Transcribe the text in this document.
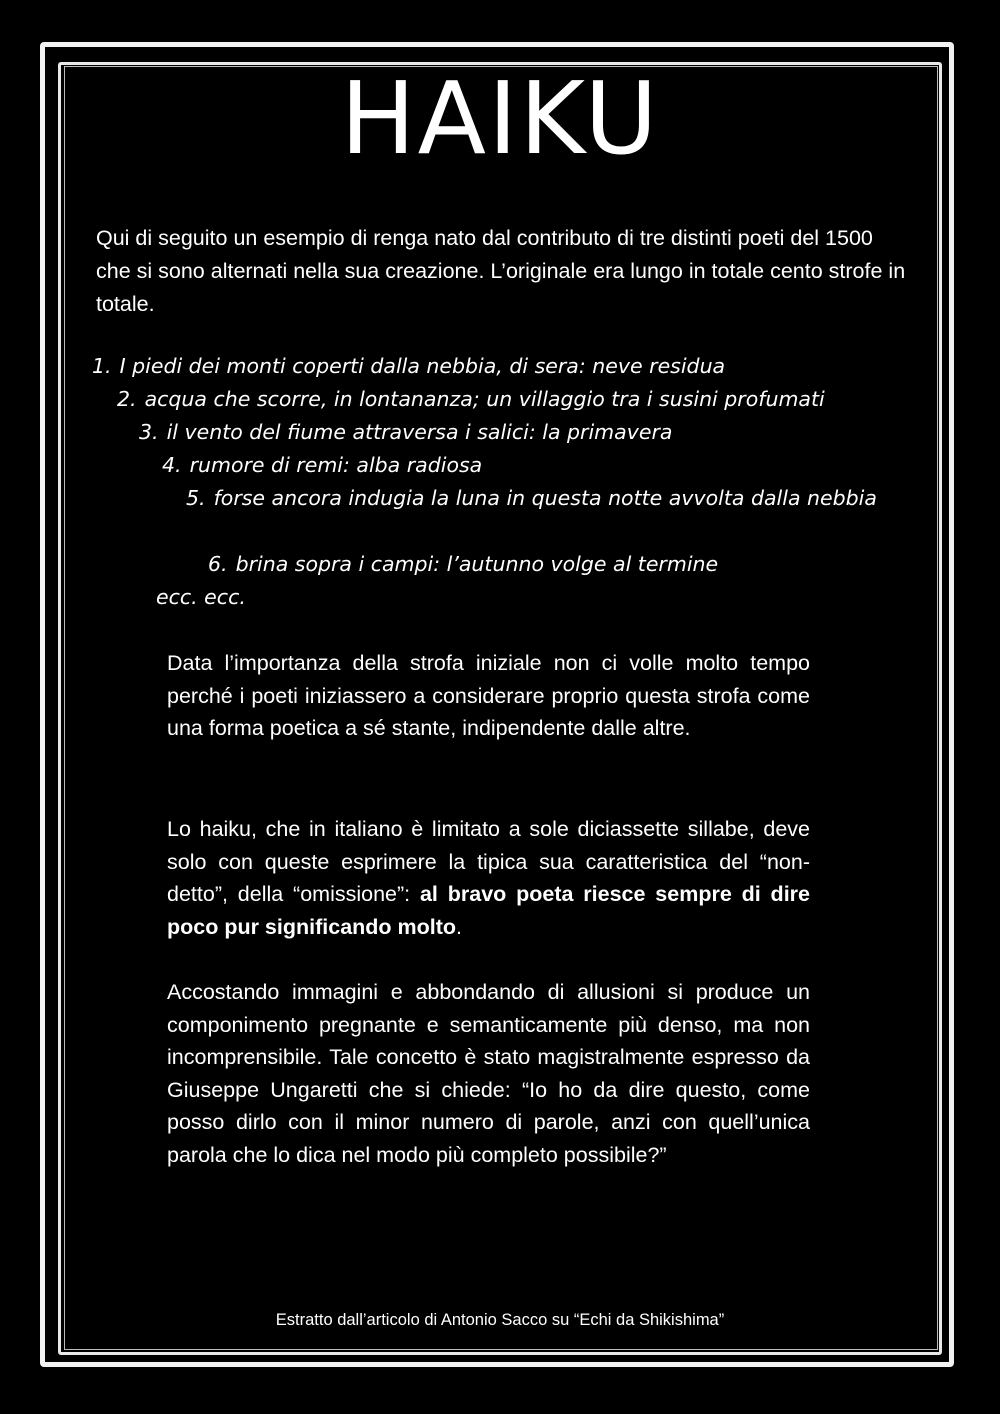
HAIKU

Qui di seguito un esempio di renga nato dal contributo di tre distinti poeti del 1500 che si sono alternati nella sua creazione. L’originale era lungo in totale cento strofe in totale.

1. I piedi dei monti coperti dalla nebbia, di sera: neve residua
2. acqua che scorre, in lontananza; un villaggio tra i susini profumati
3. il vento del fiume attraversa i salici: la primavera
4. rumore di remi: alba radiosa
5. forse ancora indugia la luna in questa notte avvolta dalla nebbia
6. brina sopra i campi: l’autunno volge al termine
ecc. ecc.

Data l’importanza della strofa iniziale non ci volle molto tempo perché i poeti iniziassero a considerare proprio questa strofa come una forma poetica a sé stante, indipendente dalle altre.

Lo haiku, che in italiano è limitato a sole diciassette sillabe, deve solo con queste esprimere la tipica sua caratteristica del “non-detto”, della “omissione”: al bravo poeta riesce sempre di dire poco pur significando molto.

Accostando immagini e abbondando di allusioni si produce un componimento pregnante e semanticamente più denso, ma non incomprensibile. Tale concetto è stato magistralmente espresso da Giuseppe Ungaretti che si chiede: “Io ho da dire questo, come posso dirlo con il minor numero di parole, anzi con quell’unica parola che lo dica nel modo più completo possibile?”

Estratto dall’articolo di Antonio Sacco su “Echi da Shikishima”
